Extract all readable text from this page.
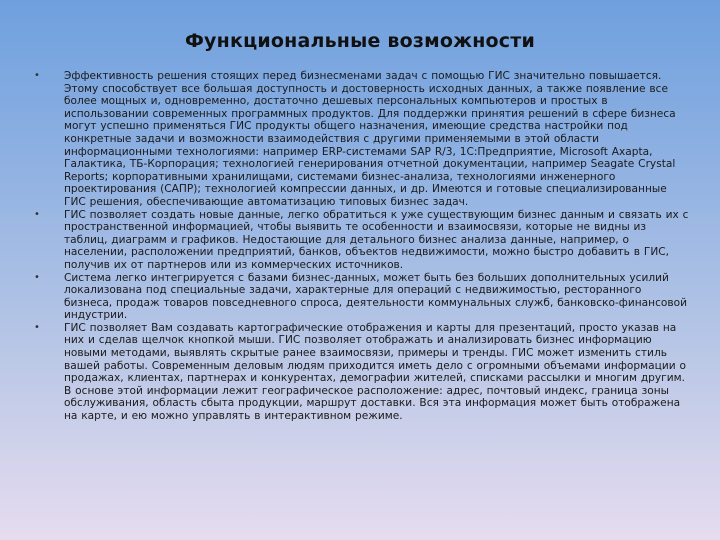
Функциональные возможности
• Эффективность решения стоящих перед бизнесменами задач с помощью ГИС значительно повышается. Этому способствует все большая доступность и достоверность исходных данных, а также появление все более мощных и, одновременно, достаточно дешевых персональных компьютеров и простых в использовании современных программных продуктов. Для поддержки принятия решений в сфере бизнеса могут успешно применяться ГИС продукты общего назначения, имеющие средства настройки под конкретные задачи и возможности взаимодействия с другими применяемыми в этой области информационными технологиями: например ERP-системами SAP R/3, 1С:Предприятие, Microsoft Axapta, Галактика, ТБ-Корпорация; технологией генерирования отчетной документации, например Seagate Crystal Reports; корпоративными хранилищами, системами бизнес-анализа, технологиями инженерного проектирования (САПР); технологией компрессии данных, и др. Имеются и готовые специализированные ГИС решения, обеспечивающие автоматизацию типовых бизнес задач.
• ГИС позволяет создать новые данные, легко обратиться к уже существующим бизнес данным и связать их с пространственной информацией, чтобы выявить те особенности и взаимосвязи, которые не видны из таблиц, диаграмм и графиков. Недостающие для детального бизнес анализа данные, например, о населении, расположении предприятий, банков, объектов недвижимости, можно быстро добавить в ГИС, получив их от партнеров или из коммерческих источников.
• Система легко интегрируется с базами бизнес-данных, может быть без больших дополнительных усилий локализована под специальные задачи, характерные для операций с недвижимостью, ресторанного бизнеса, продаж товаров повседневного спроса, деятельности коммунальных служб, банковско-финансовой индустрии.
• ГИС позволяет Вам создавать картографические отображения и карты для презентаций, просто указав на них и сделав щелчок кнопкой мыши. ГИС позволяет отображать и анализировать бизнес информацию новыми методами, выявлять скрытые ранее взаимосвязи, примеры и тренды. ГИС может изменить стиль вашей работы. Современным деловым людям приходится иметь дело с огромными объемами информации о продажах, клиентах, партнерах и конкурентах, демографии жителей, списками рассылки и многим другим. В основе этой информации лежит географическое расположение: адрес, почтовый индекс, граница зоны обслуживания, область сбыта продукции, маршрут доставки. Вся эта информация может быть отображена на карте, и ею можно управлять в интерактивном режиме.
